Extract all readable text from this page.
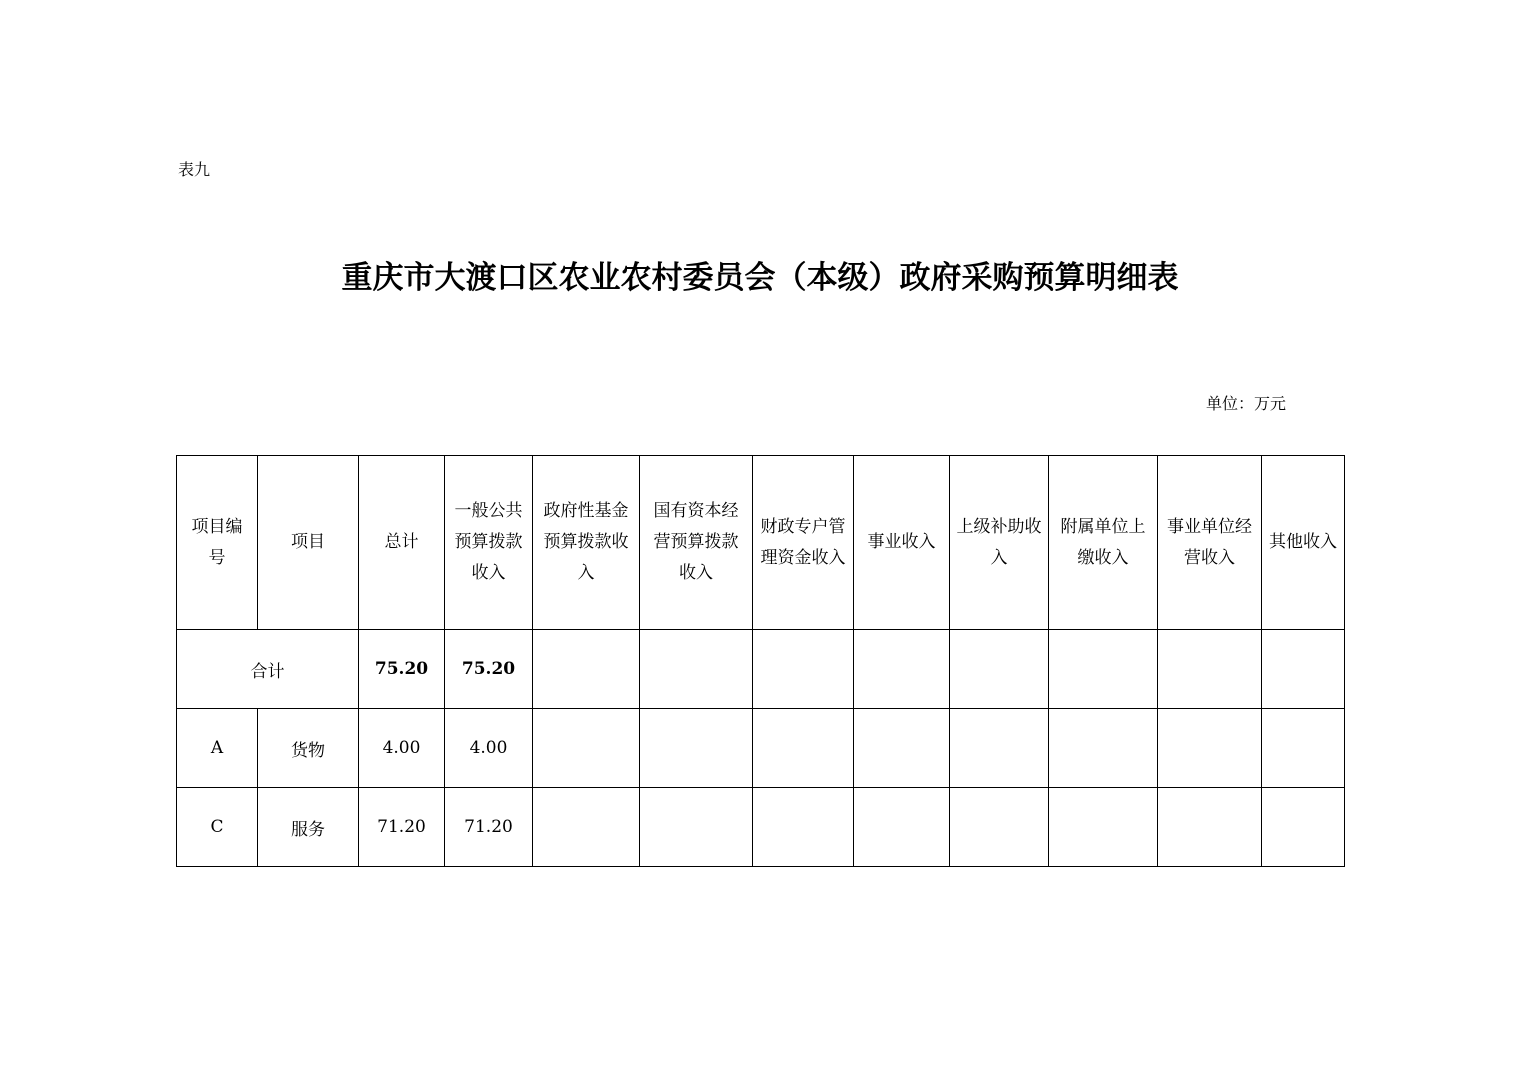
表九
重庆市大渡口区农业农村委员会（本级）政府采购预算明细表
单位：万元
项目编号	项目	总计	一般公共预算拨款收入	政府性基金预算拨款收入	国有资本经营预算拨款收入	财政专户管理资金收入	事业收入	上级补助收入	附属单位上缴收入	事业单位经营收入	其他收入

合计		75.20	75.20								
A	货物	4.00	4.00								
C	服务	71.20	71.20								
